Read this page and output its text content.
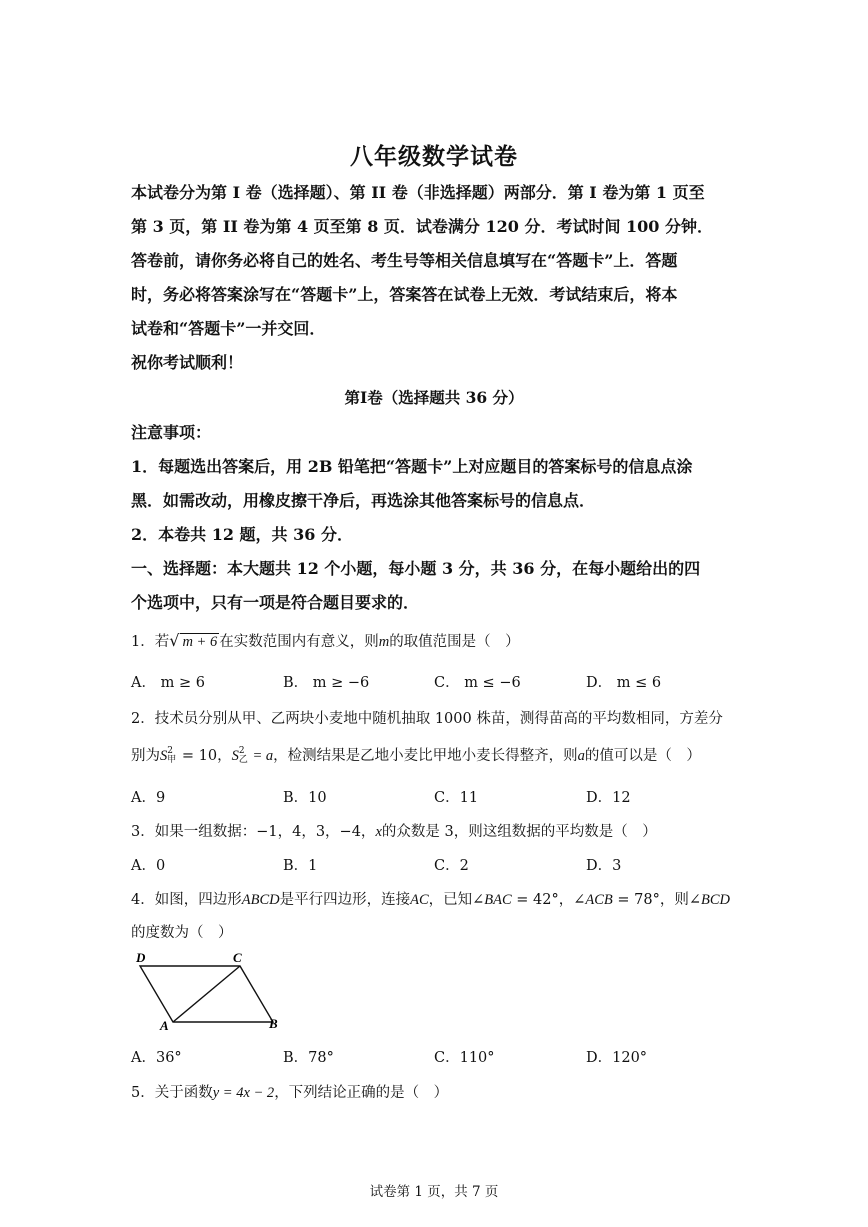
八年级数学试卷
本试卷分为第 I 卷（选择题）、第 II 卷（非选择题）两部分．第 I 卷为第 1 页至
第 3 页，第 II 卷为第 4 页至第 8 页．试卷满分 120 分．考试时间 100 分钟．
答卷前，请你务必将自己的姓名、考生号等相关信息填写在“答题卡”上．答题
时，务必将答案涂写在“答题卡”上，答案答在试卷上无效．考试结束后，将本
试卷和“答题卡”一并交回．
祝你考试顺利！
第Ⅰ卷（选择题共 36 分）
注意事项：
1．每题选出答案后，用 2B 铅笔把“答题卡”上对应题目的答案标号的信息点涂
黑．如需改动，用橡皮擦干净后，再选涂其他答案标号的信息点．
2．本卷共 12 题，共 36 分．
一、选择题：本大题共 12 个小题，每小题 3 分，共 36 分，在每小题给出的四
个选项中，只有一项是符合题目要求的．
1．若√ m + 6 在实数范围内有意义，则m的取值范围是（　）
A． m ≥ 6	B． m ≥ −6	C． m ≤ −6	D． m ≤ 6
2．技术员分别从甲、乙两块小麦地中随机抽取 1000 株苗，测得苗高的平均数相同，方差分
别为S 2
甲 = 10，S 2
乙 = a，检测结果是乙地小麦比甲地小麦长得整齐，则a的值可以是（　）
A．9	B．10	C．11	D．12
3．如果一组数据：−1，4，3，−4，x的众数是 3，则这组数据的平均数是（　）
A．0	B．1	C．2	D．3
4．如图，四边形ABCD是平行四边形，连接AC，已知∠BAC = 42°，∠ACB = 78°，则∠BCD
的度数为（　）
D	C
A	B
A．36°	B．78°	C．110°	D．120°
5．关于函数y = 4x − 2，下列结论正确的是（　）
试卷第 1 页，共 7 页
